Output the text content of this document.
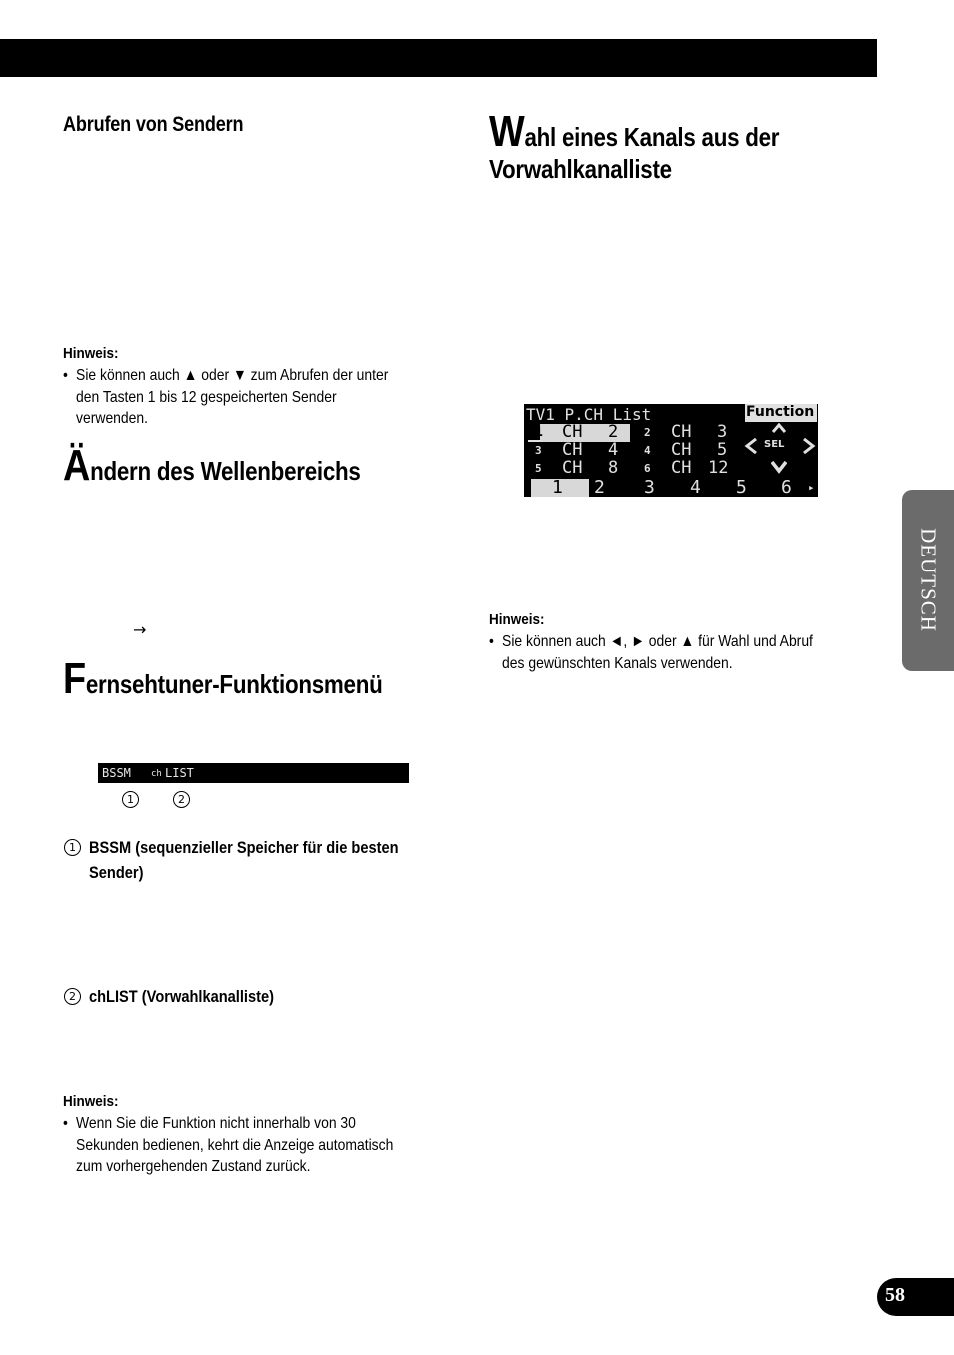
Abrufen von Sendern
Hinweis:
• Sie können auch ▲ oder ▼ zum Abrufen der unter
den Tasten 1 bis 12 gespeicherten Sender
verwenden.
Ändern des Wellenbereichs
→
Fernsehtuner-Funktionsmenü
BSSM ch LIST
1	2
1 BSSM (sequenzieller Speicher für die besten
Sender)
2 chLIST (Vorwahlkanalliste)
Hinweis:
• Wenn Sie die Funktion nicht innerhalb von 30
Sekunden bedienen, kehrt die Anzeige automatisch
zum vorhergehenden Zustand zurück.
Wahl eines Kanals aus der
Vorwahlkanalliste
TV1 P.CH List	Function
1 CH 2
3 CH 4
5 CH 8
2 CH 3
4 CH 5
6 CH 12
SEL
1 2 3 4 5 6 ▸
Hinweis:
• Sie können auch ◄, ► oder ▲ für Wahl und Abruf
des gewünschten Kanals verwenden.
DEUTSCH
58
